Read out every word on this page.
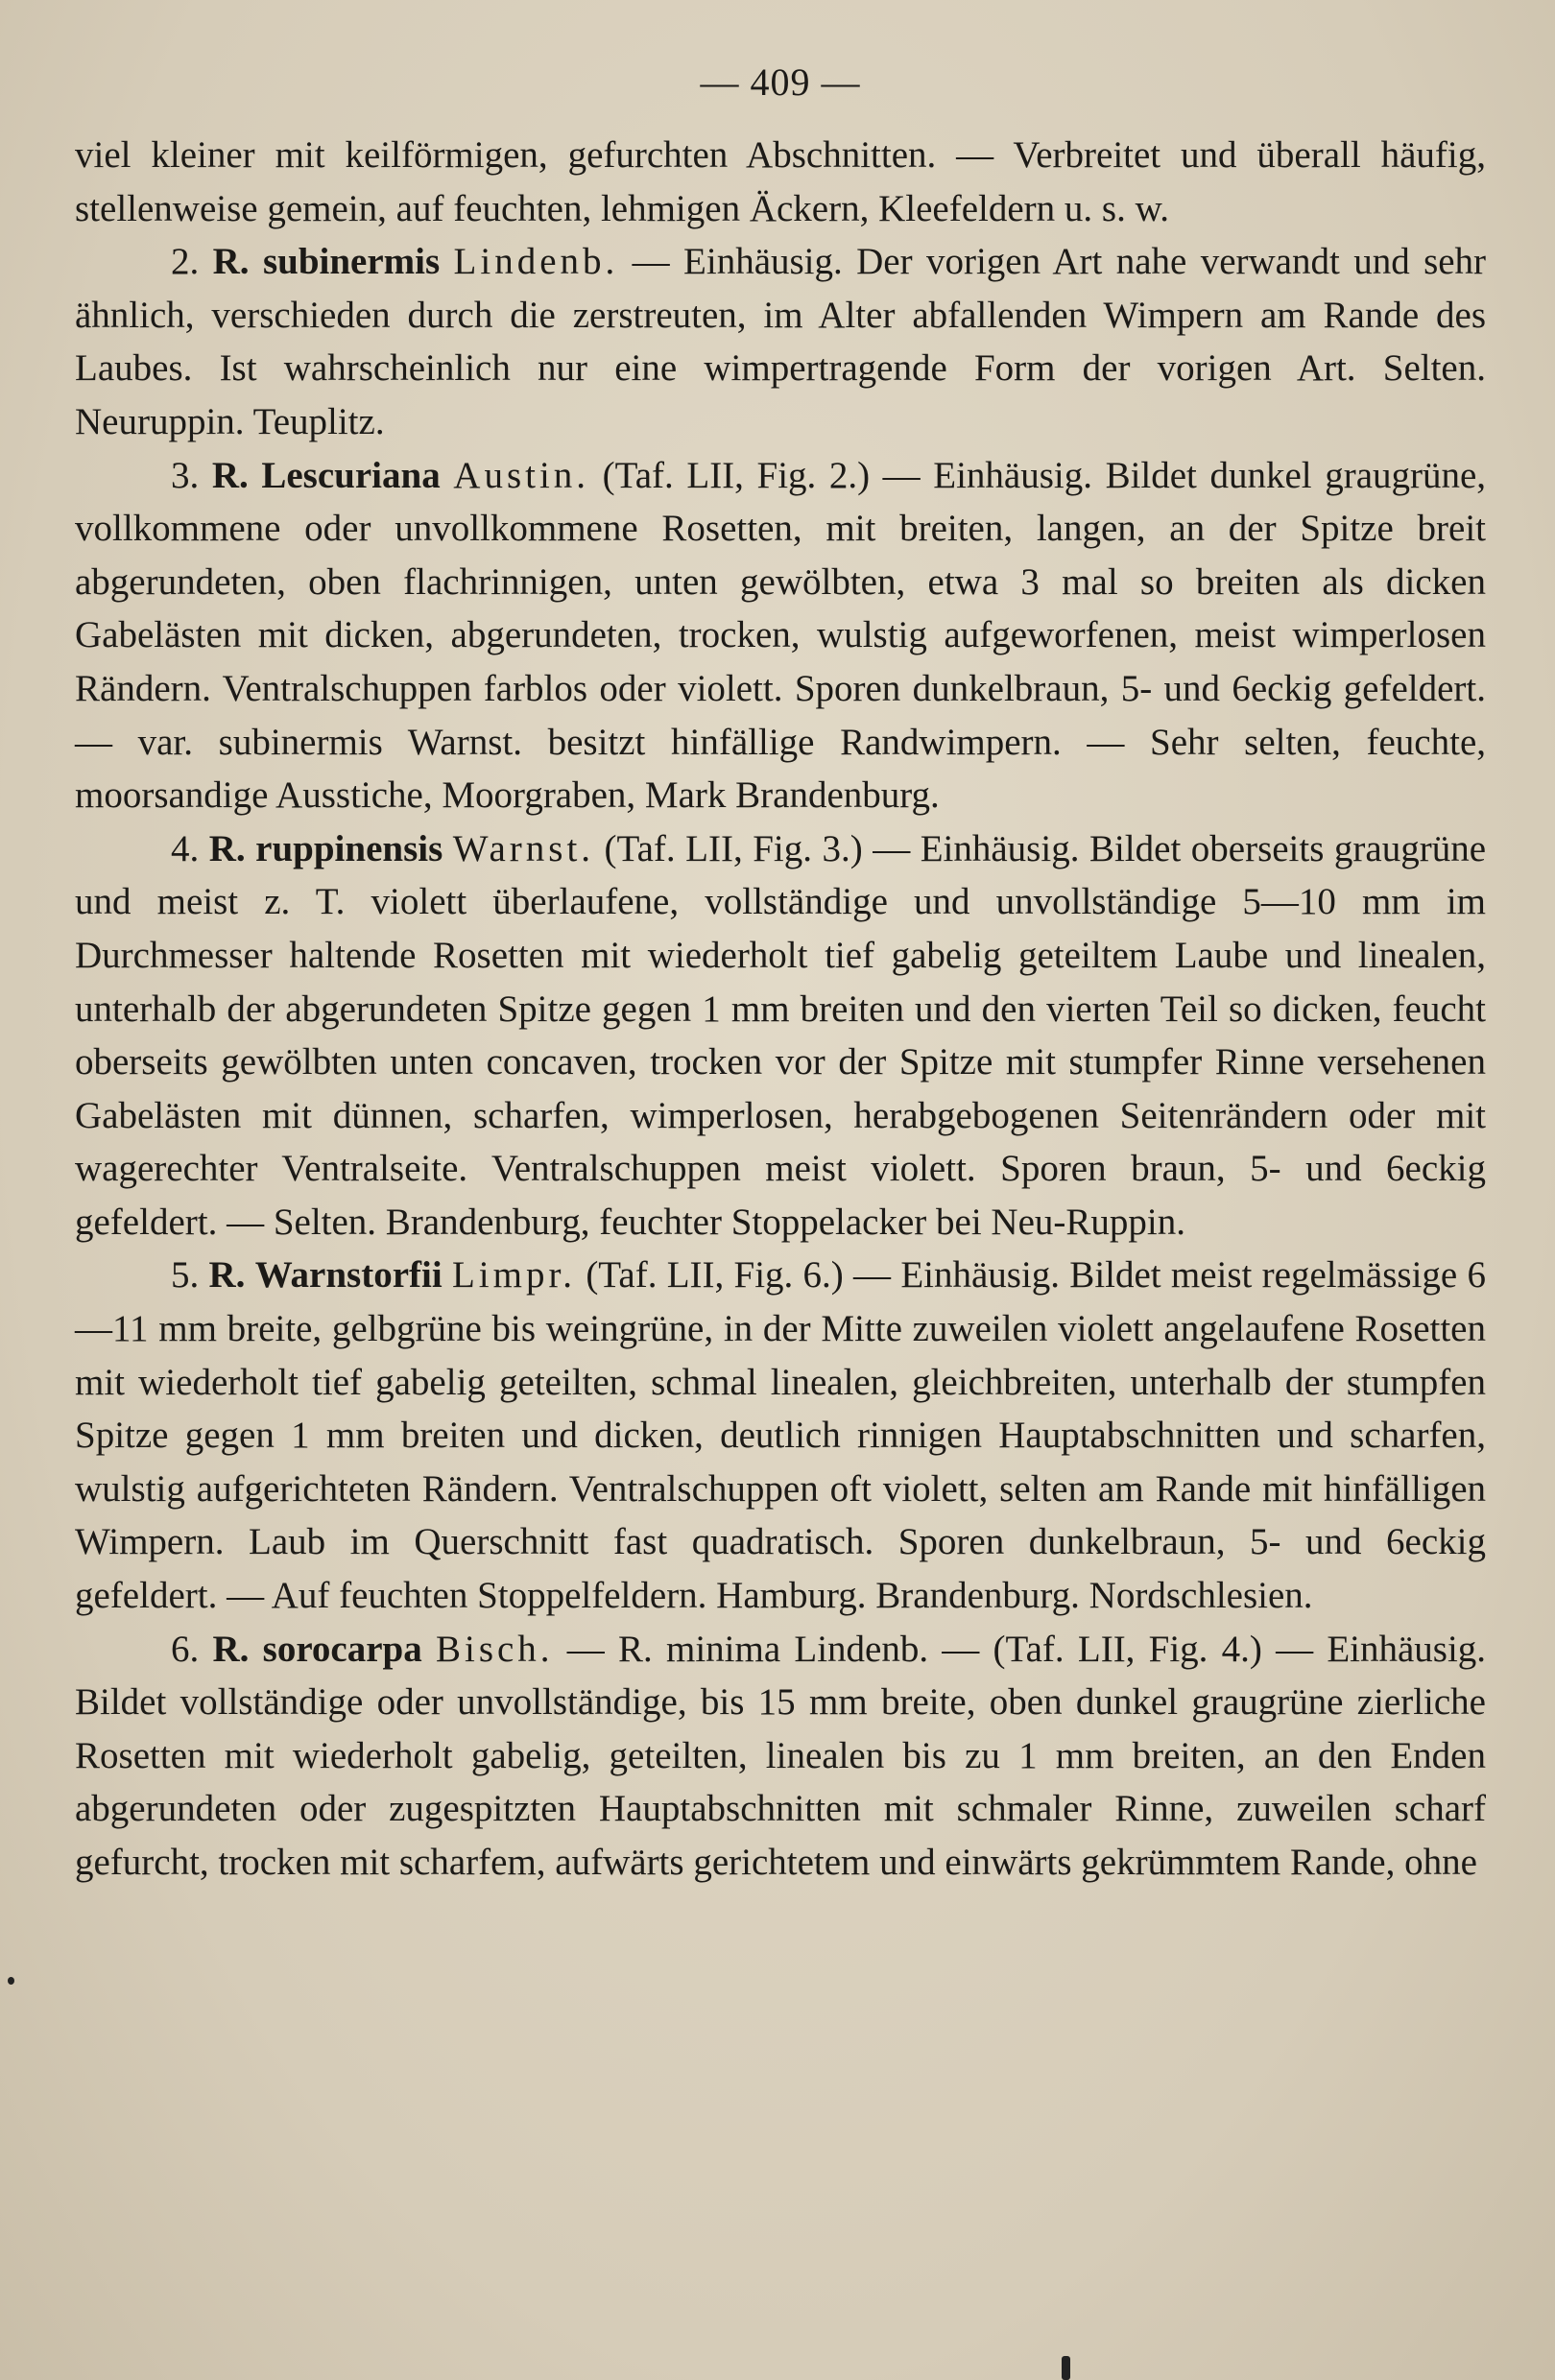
— 409 —

viel kleiner mit keilförmigen, gefurchten Abschnitten. — Verbreitet und überall häufig, stellenweise gemein, auf feuchten, lehmigen Äckern, Kleefeldern u. s. w.

2. R. subinermis Lindenb. — Einhäusig. Der vorigen Art nahe verwandt und sehr ähnlich, verschieden durch die zerstreuten, im Alter abfallenden Wimpern am Rande des Laubes. Ist wahrscheinlich nur eine wimpertragende Form der vorigen Art. Selten. Neuruppin. Teuplitz.

3. R. Lescuriana Austin. (Taf. LII, Fig. 2.) — Einhäusig. Bildet dunkel graugrüne, vollkommene oder unvollkommene Rosetten, mit breiten, langen, an der Spitze breit abgerundeten, oben flachrinnigen, unten gewölbten, etwa 3 mal so breiten als dicken Gabelästen mit dicken, abgerundeten, trocken, wulstig aufgeworfenen, meist wimperlosen Rändern. Ventralschuppen farblos oder violett. Sporen dunkelbraun, 5- und 6eckig gefeldert. — var. subinermis Warnst. besitzt hinfällige Randwimpern. — Sehr selten, feuchte, moorsandige Ausstiche, Moorgraben, Mark Brandenburg.

4. R. ruppinensis Warnst. (Taf. LII, Fig. 3.) — Einhäusig. Bildet oberseits graugrüne und meist z. T. violett überlaufene, vollständige und unvollständige 5—10 mm im Durchmesser haltende Rosetten mit wiederholt tief gabelig geteiltem Laube und linealen, unterhalb der abgerundeten Spitze gegen 1 mm breiten und den vierten Teil so dicken, feucht oberseits gewölbten unten concaven, trocken vor der Spitze mit stumpfer Rinne versehenen Gabelästen mit dünnen, scharfen, wimperlosen, herabgebogenen Seitenrändern oder mit wagerechter Ventralseite. Ventralschuppen meist violett. Sporen braun, 5- und 6eckig gefeldert. — Selten. Brandenburg, feuchter Stoppelacker bei Neu-Ruppin.

5. R. Warnstorfii Limpr. (Taf. LII, Fig. 6.) — Einhäusig. Bildet meist regelmässige 6—11 mm breite, gelbgrüne bis weingrüne, in der Mitte zuweilen violett angelaufene Rosetten mit wiederholt tief gabelig geteilten, schmal linealen, gleichbreiten, unterhalb der stumpfen Spitze gegen 1 mm breiten und dicken, deutlich rinnigen Hauptabschnitten und scharfen, wulstig aufgerichteten Rändern. Ventralschuppen oft violett, selten am Rande mit hinfälligen Wimpern. Laub im Querschnitt fast quadratisch. Sporen dunkelbraun, 5- und 6eckig gefeldert. — Auf feuchten Stoppelfeldern. Hamburg. Brandenburg. Nordschlesien.

6. R. sorocarpa Bisch. — R. minima Lindenb. — (Taf. LII, Fig. 4.) — Einhäusig. Bildet vollständige oder unvollständige, bis 15 mm breite, oben dunkel graugrüne zierliche Rosetten mit wiederholt gabelig, geteilten, linealen bis zu 1 mm breiten, an den Enden abgerundeten oder zugespitzten Hauptabschnitten mit schmaler Rinne, zuweilen scharf gefurcht, trocken mit scharfem, aufwärts gerichtetem und einwärts gekrümmtem Rande, ohne
